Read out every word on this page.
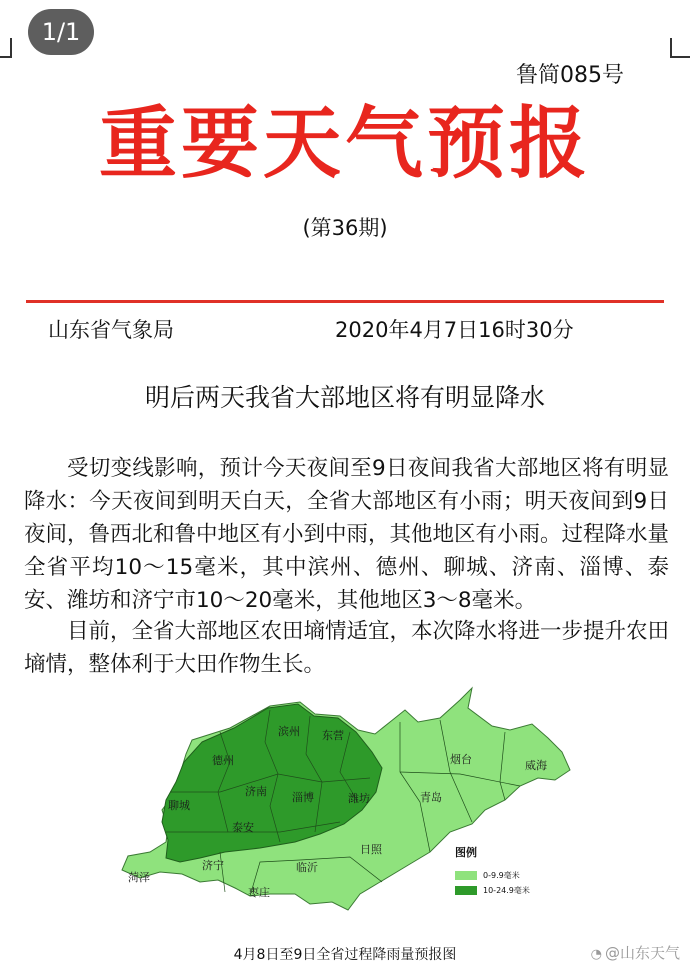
1/1
鲁简085号
重要天气预报
(第36期)
山东省气象局	2020年4月7日16时30分
明后两天我省大部地区将有明显降水

受切变线影响，预计今天夜间至9日夜间我省大部地区将有明显降水：今天夜间到明天白天，全省大部地区有小雨；明天夜间到9日夜间，鲁西北和鲁中地区有小到中雨，其他地区有小雨。过程降水量全省平均10～15毫米，其中滨州、德州、聊城、济南、淄博、泰安、潍坊和济宁市10～20毫米，其他地区3～8毫米。

目前，全省大部地区农田墒情适宜，本次降水将进一步提升农田墒情，整体利于大田作物生长。

东营
滨州
德州	烟台	威海
聊城
济南 淄博	潍坊	青岛
泰安
日照
济宁	临沂
菏泽
枣庄
图例
0-9.9毫米
10-24.9毫米
4月8日至9日全省过程降雨量预报图	◔ @山东天气
